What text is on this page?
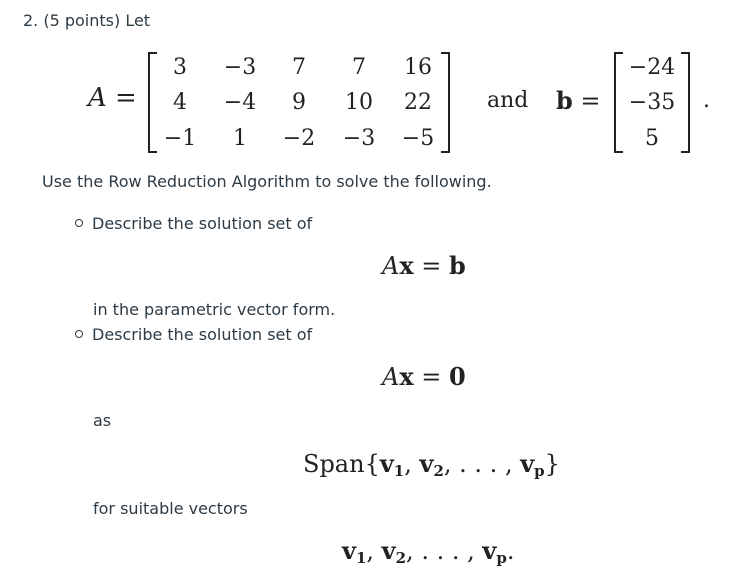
2. (5 points) Let
A =
3	−3	7	7	16
4	−4	9	10	22
−1	1	−2	−3	−5
and b =
−24
−35
5
.
Use the Row Reduction Algorithm to solve the following.
Describe the solution set of
Ax = b
in the parametric vector form.
Describe the solution set of
Ax = 0
as
$Span\{v_1$, $v_2$, . . . , $v_p$}
for suitable vectors
$v_1$, $v_2$, . . . , $v_p$.
